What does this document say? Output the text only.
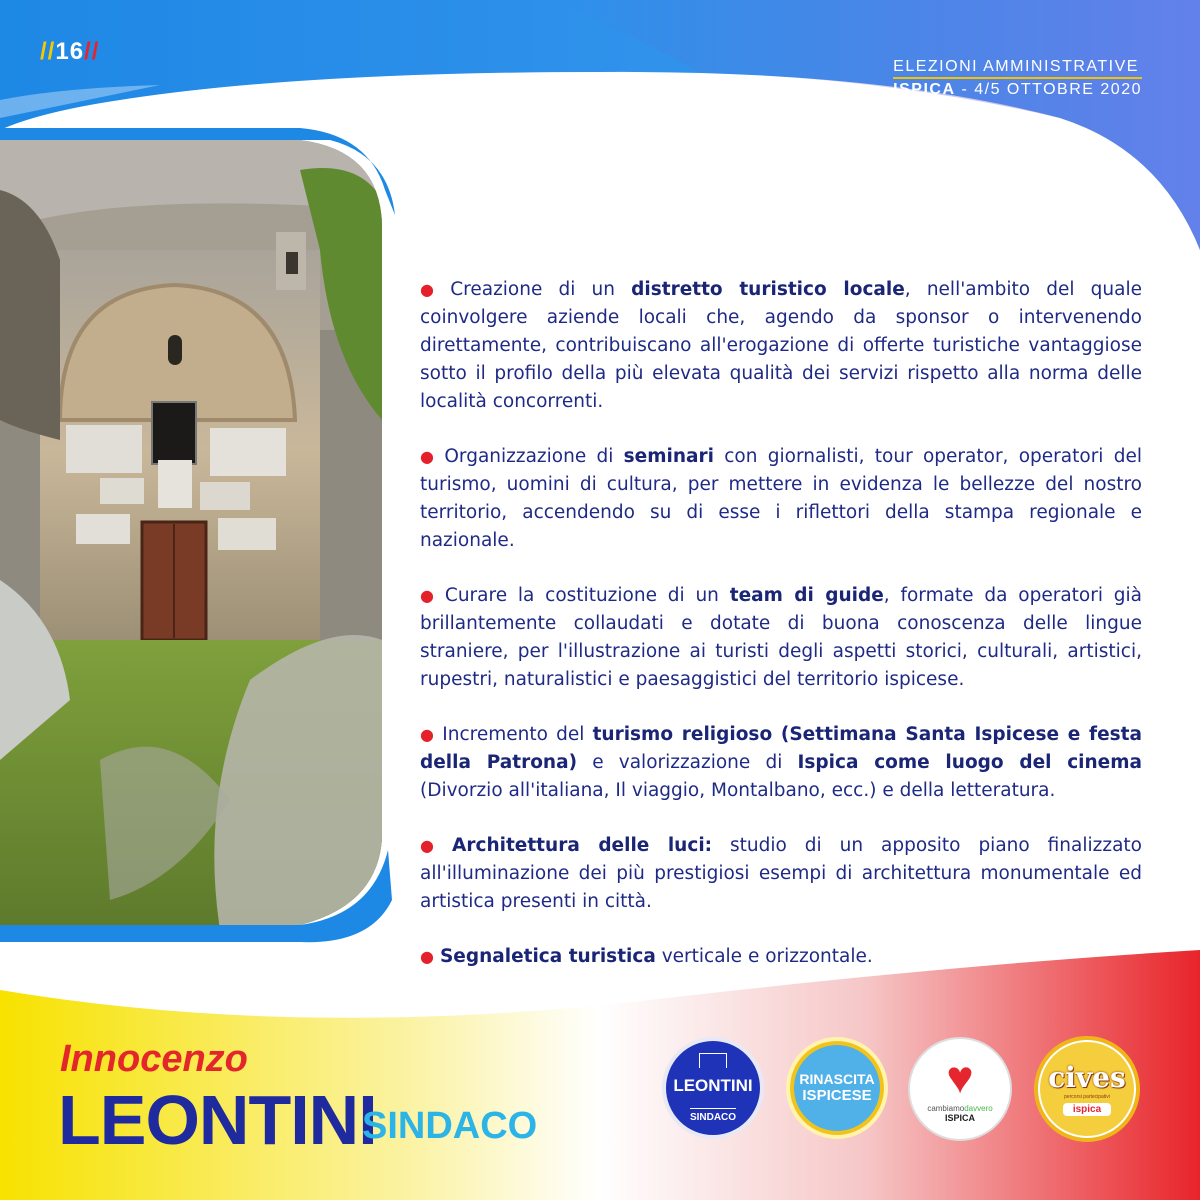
//16//
ELEZIONI AMMINISTRATIVE
ISPICA - 4/5 OTTOBRE 2020
● Creazione di un distretto turistico locale, nell'ambito del quale coinvolgere aziende locali che, agendo da sponsor o intervenendo direttamente, contribuiscano all'erogazione di offerte turistiche vantaggiose sotto il profilo della più elevata qualità dei servizi rispetto alla norma delle località concorrenti.
● Organizzazione di seminari con giornalisti, tour operator, operatori del turismo, uomini di cultura, per mettere in evidenza le bellezze del nostro territorio, accendendo su di esse i riflettori della stampa regionale e nazionale.
● Curare la costituzione di un team di guide, formate da operatori già brillantemente collaudati e dotate di buona conoscenza delle lingue straniere, per l'illustrazione ai turisti degli aspetti storici, culturali, artistici, rupestri, naturalistici e paesaggistici del territorio ispicese.
● Incremento del turismo religioso (Settimana Santa Ispicese e festa della Patrona) e valorizzazione di Ispica come luogo del cinema (Divorzio all'italiana, Il viaggio, Montalbano, ecc.) e della letteratura.
● Architettura delle luci: studio di un apposito piano finalizzato all'illuminazione dei più prestigiosi esempi di architettura monumentale ed artistica presenti in città.
● Segnaletica turistica verticale e orizzontale.
Innocenzo
LEONTINI
SINDACO
LEONTINI
SINDACO
RINASCITA
ISPICESE ♥
cambiamodavvero
ISPICA
cives
percorsi partecipativi
ispica
